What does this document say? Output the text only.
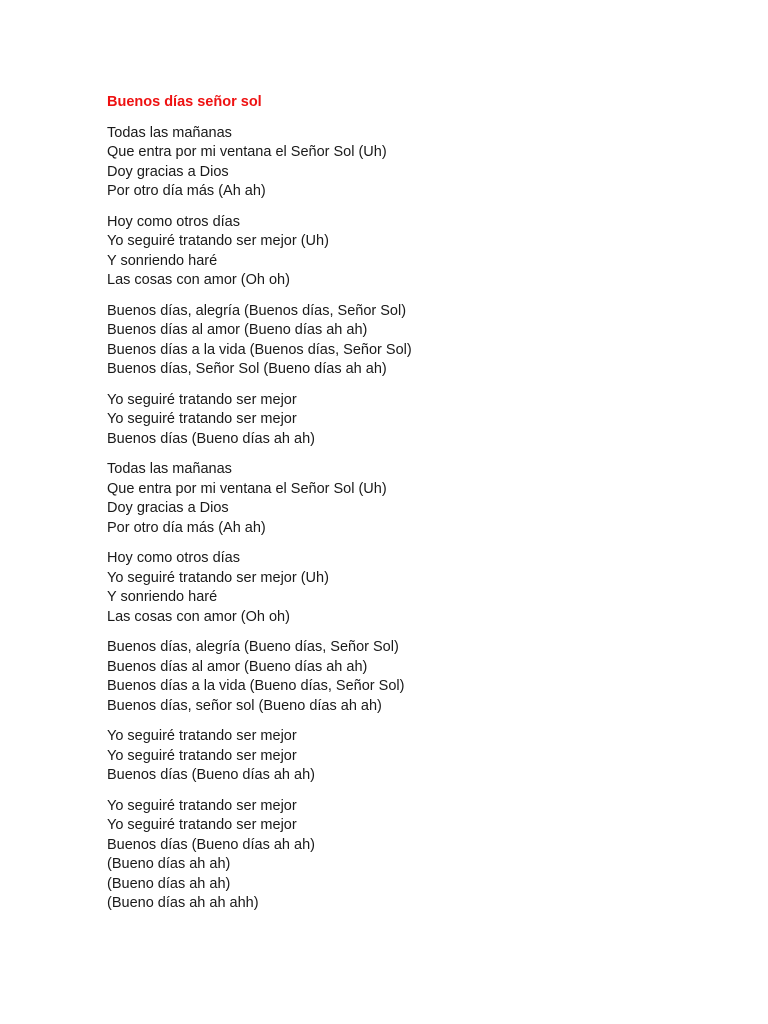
Buenos días señor sol
Todas las mañanas
Que entra por mi ventana el Señor Sol (Uh)
Doy gracias a Dios
Por otro día más (Ah ah)
Hoy como otros días
Yo seguiré tratando ser mejor (Uh)
Y sonriendo haré
Las cosas con amor (Oh oh)
Buenos días, alegría (Buenos días, Señor Sol)
Buenos días al amor (Bueno días ah ah)
Buenos días a la vida (Buenos días, Señor Sol)
Buenos días, Señor Sol (Bueno días ah ah)
Yo seguiré tratando ser mejor
Yo seguiré tratando ser mejor
Buenos días (Bueno días ah ah)
Todas las mañanas
Que entra por mi ventana el Señor Sol (Uh)
Doy gracias a Dios
Por otro día más (Ah ah)
Hoy como otros días
Yo seguiré tratando ser mejor (Uh)
Y sonriendo haré
Las cosas con amor (Oh oh)
Buenos días, alegría (Bueno días, Señor Sol)
Buenos días al amor (Bueno días ah ah)
Buenos días a la vida (Bueno días, Señor Sol)
Buenos días, señor sol (Bueno días ah ah)
Yo seguiré tratando ser mejor
Yo seguiré tratando ser mejor
Buenos días (Bueno días ah ah)
Yo seguiré tratando ser mejor
Yo seguiré tratando ser mejor
Buenos días (Bueno días ah ah)
(Bueno días ah ah)
(Bueno días ah ah)
(Bueno días ah ah ahh)
